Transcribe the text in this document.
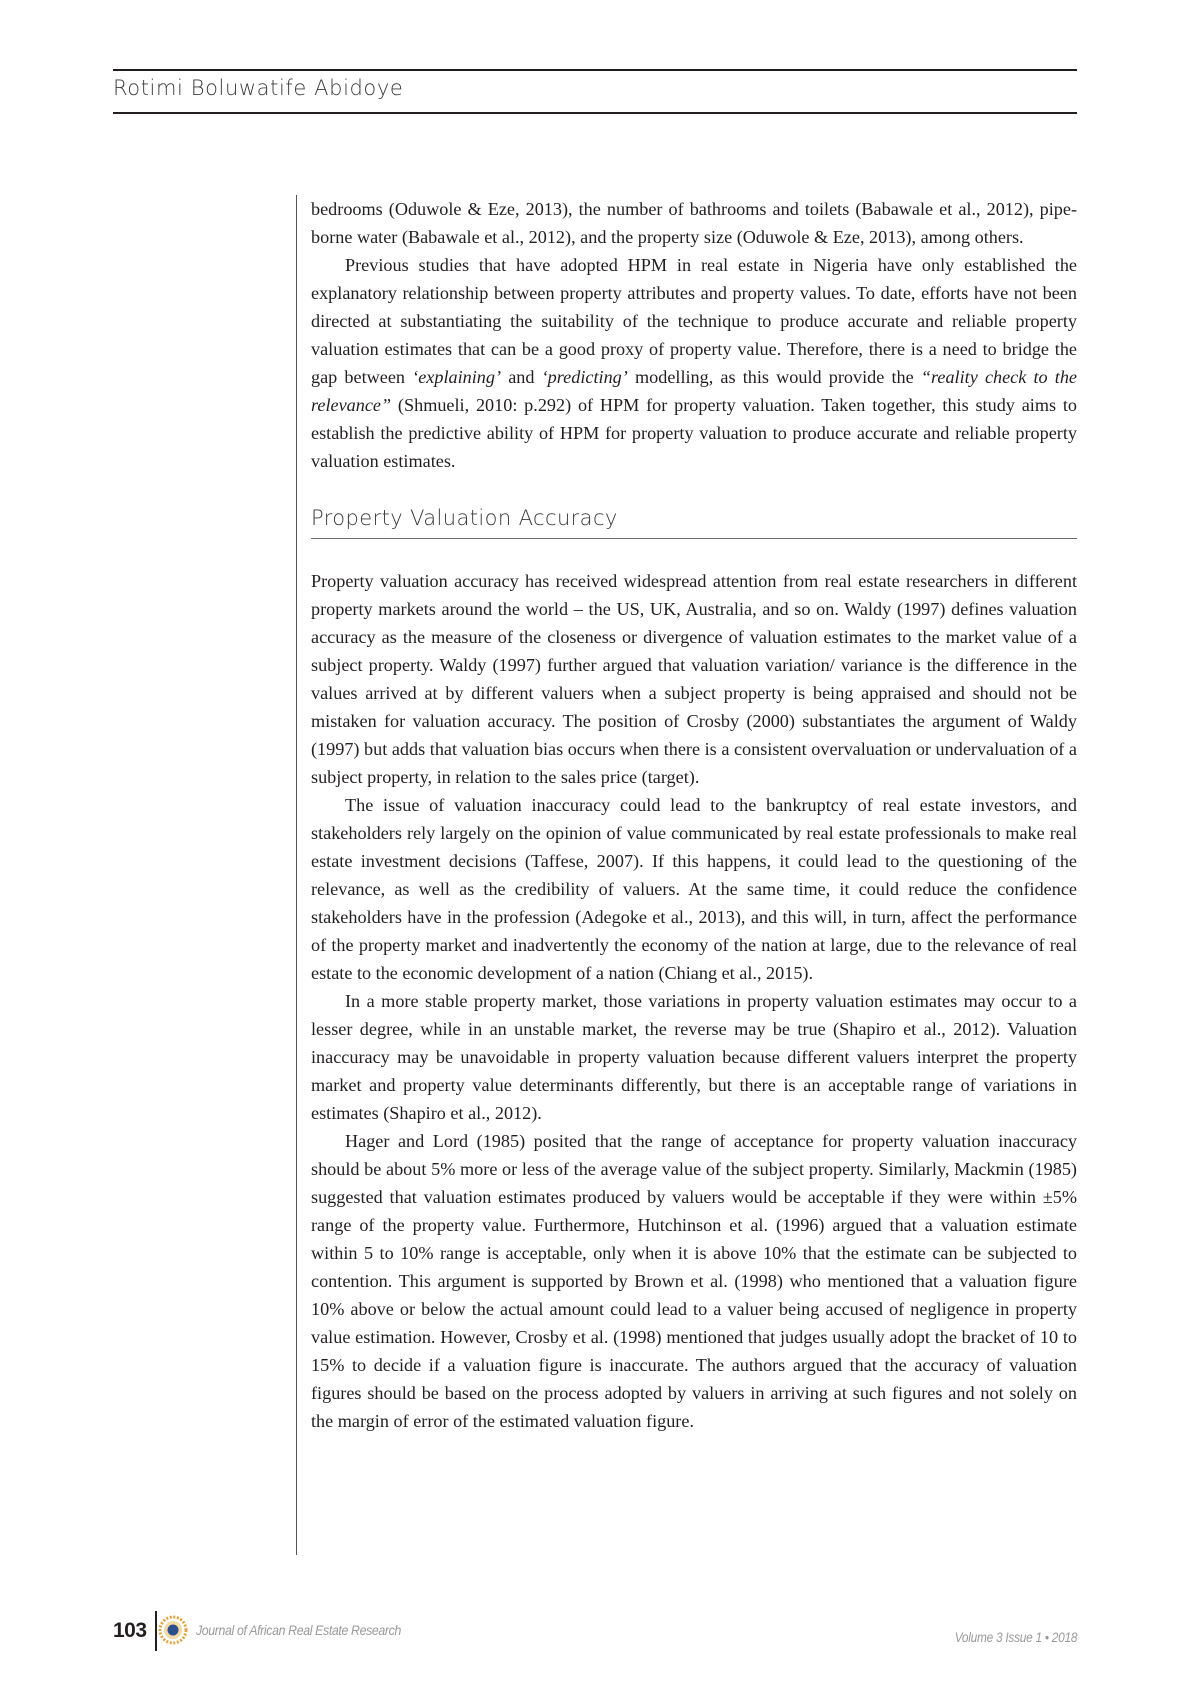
Rotimi Boluwatife Abidoye

bedrooms (Oduwole & Eze, 2013), the number of bathrooms and toilets (Babawale et al., 2012), pipe-borne water (Babawale et al., 2012), and the property size (Oduwole & Eze, 2013), among others.

Previous studies that have adopted HPM in real estate in Nigeria have only established the explanatory relationship between property attributes and property values. To date, efforts have not been directed at substantiating the suitability of the technique to produce accurate and reliable property valuation estimates that can be a good proxy of property value. Therefore, there is a need to bridge the gap between ‘explaining’ and ‘predicting’ modelling, as this would provide the “reality check to the relevance” (Shmueli, 2010: p.292) of HPM for property valuation. Taken together, this study aims to establish the predictive ability of HPM for property valuation to produce accurate and reliable property valuation estimates.

Property Valuation Accuracy

Property valuation accuracy has received widespread attention from real estate researchers in different property markets around the world – the US, UK, Australia, and so on. Waldy (1997) defines valuation accuracy as the measure of the closeness or divergence of valuation estimates to the market value of a subject property. Waldy (1997) further argued that valuation variation/ variance is the difference in the values arrived at by different valuers when a subject property is being appraised and should not be mistaken for valuation accuracy. The position of Crosby (2000) substantiates the argument of Waldy (1997) but adds that valuation bias occurs when there is a consistent overvaluation or undervaluation of a subject property, in relation to the sales price (target).

The issue of valuation inaccuracy could lead to the bankruptcy of real estate investors, and stakeholders rely largely on the opinion of value communicated by real estate professionals to make real estate investment decisions (Taffese, 2007). If this happens, it could lead to the questioning of the relevance, as well as the credibility of valuers. At the same time, it could reduce the confidence stakeholders have in the profession (Adegoke et al., 2013), and this will, in turn, affect the performance of the property market and inadvertently the economy of the nation at large, due to the relevance of real estate to the economic development of a nation (Chiang et al., 2015).

In a more stable property market, those variations in property valuation estimates may occur to a lesser degree, while in an unstable market, the reverse may be true (Shapiro et al., 2012). Valuation inaccuracy may be unavoidable in property valuation because different valuers interpret the property market and property value determinants differently, but there is an acceptable range of variations in estimates (Shapiro et al., 2012).

Hager and Lord (1985) posited that the range of acceptance for property valuation inaccuracy should be about 5% more or less of the average value of the subject property. Similarly, Mackmin (1985) suggested that valuation estimates produced by valuers would be acceptable if they were within ±5% range of the property value. Furthermore, Hutchinson et al. (1996) argued that a valuation estimate within 5 to 10% range is acceptable, only when it is above 10% that the estimate can be subjected to contention. This argument is supported by Brown et al. (1998) who mentioned that a valuation figure 10% above or below the actual amount could lead to a valuer being accused of negligence in property value estimation. However, Crosby et al. (1998) mentioned that judges usually adopt the bracket of 10 to 15% to decide if a valuation figure is inaccurate. The authors argued that the accuracy of valuation figures should be based on the process adopted by valuers in arriving at such figures and not solely on the margin of error of the estimated valuation figure.

103	Journal of African Real Estate Research	Volume 3 Issue 1 • 2018
